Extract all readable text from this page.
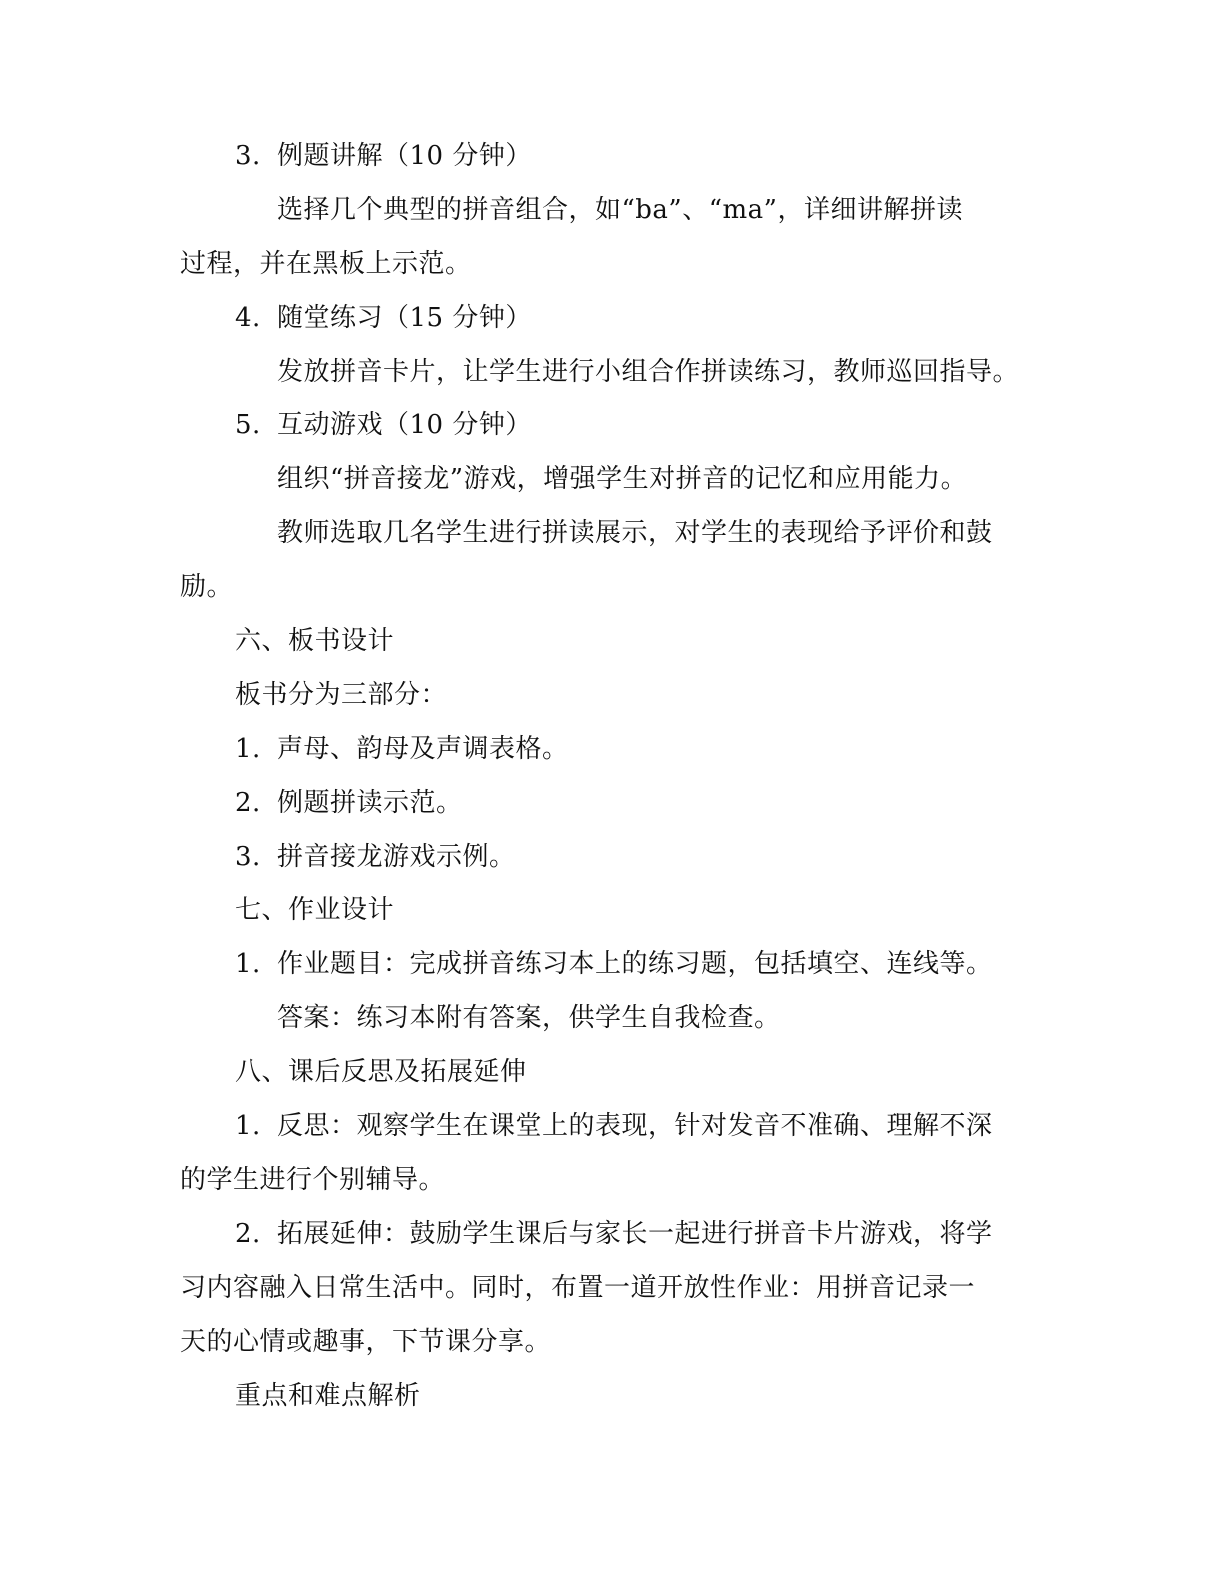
3. 例题讲解（10 分钟）
选择几个典型的拼音组合，如“ba”、“ma”，详细讲解拼读
过程，并在黑板上示范。
4. 随堂练习（15 分钟）
发放拼音卡片，让学生进行小组合作拼读练习，教师巡回指导。
5. 互动游戏（10 分钟）
组织“拼音接龙”游戏，增强学生对拼音的记忆和应用能力。
教师选取几名学生进行拼读展示，对学生的表现给予评价和鼓
励。
六、板书设计
板书分为三部分：
1. 声母、韵母及声调表格。
2. 例题拼读示范。
3. 拼音接龙游戏示例。
七、作业设计
1. 作业题目：完成拼音练习本上的练习题，包括填空、连线等。
答案：练习本附有答案，供学生自我检查。
八、课后反思及拓展延伸
1. 反思：观察学生在课堂上的表现，针对发音不准确、理解不深
的学生进行个别辅导。
2. 拓展延伸：鼓励学生课后与家长一起进行拼音卡片游戏，将学
习内容融入日常生活中。同时，布置一道开放性作业：用拼音记录一
天的心情或趣事，下节课分享。
重点和难点解析
